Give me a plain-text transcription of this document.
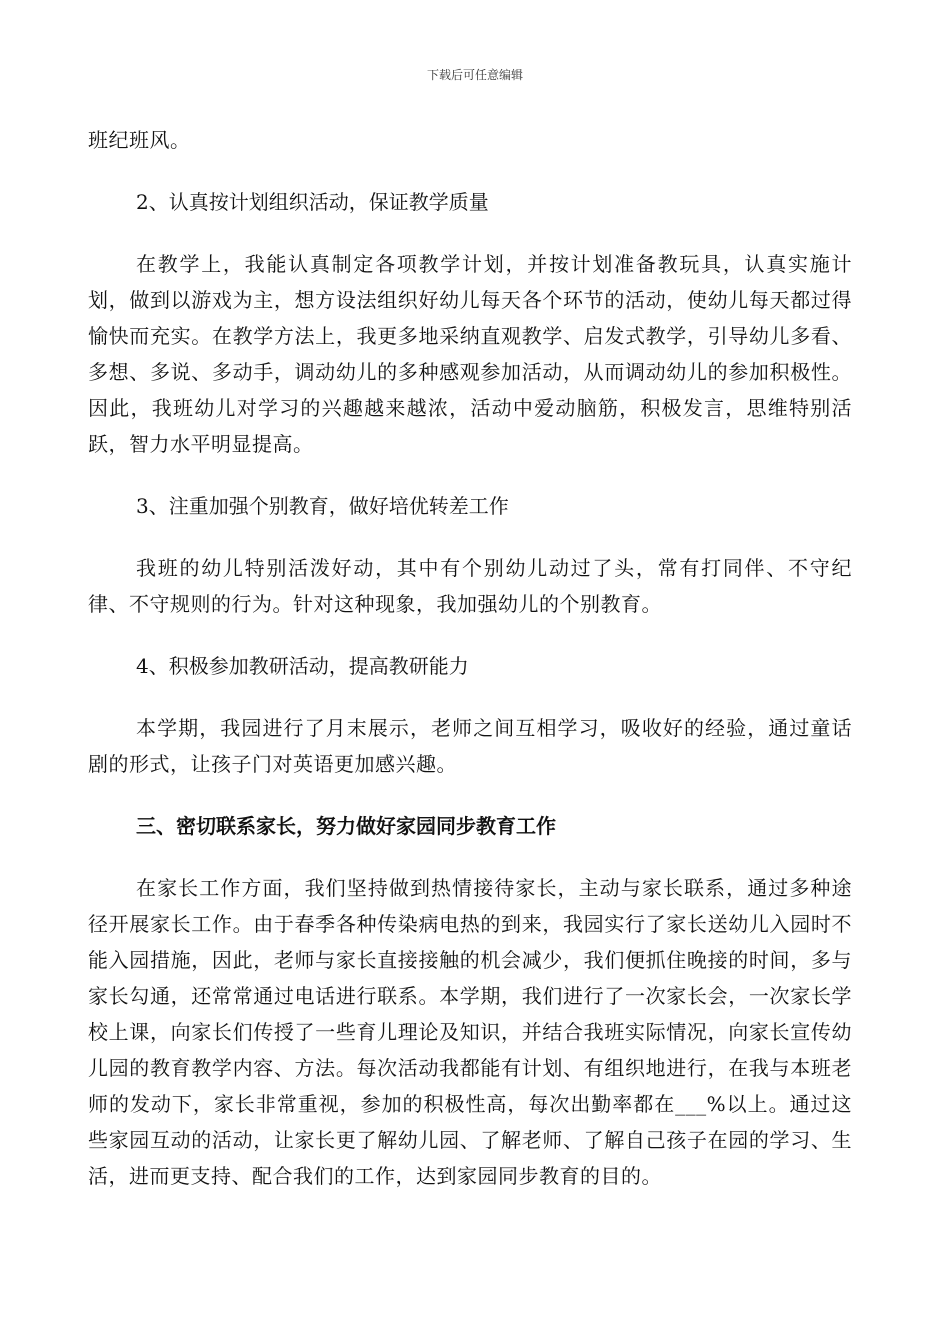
下载后可任意编辑

班纪班风。

2、认真按计划组织活动，保证教学质量

在教学上，我能认真制定各项教学计划，并按计划准备教玩具，认真实施计划，做到以游戏为主，想方设法组织好幼儿每天各个环节的活动，使幼儿每天都过得愉快而充实。在教学方法上，我更多地采纳直观教学、启发式教学，引导幼儿多看、多想、多说、多动手，调动幼儿的多种感观参加活动，从而调动幼儿的参加积极性。因此，我班幼儿对学习的兴趣越来越浓，活动中爱动脑筋，积极发言，思维特别活跃，智力水平明显提高。

3、注重加强个别教育，做好培优转差工作

我班的幼儿特别活泼好动，其中有个别幼儿动过了头，常有打同伴、不守纪律、不守规则的行为。针对这种现象，我加强幼儿的个别教育。

4、积极参加教研活动，提高教研能力

本学期，我园进行了月末展示，老师之间互相学习，吸收好的经验，通过童话剧的形式，让孩子门对英语更加感兴趣。

三、密切联系家长，努力做好家园同步教育工作

在家长工作方面，我们坚持做到热情接待家长，主动与家长联系，通过多种途径开展家长工作。由于春季各种传染病电热的到来，我园实行了家长送幼儿入园时不能入园措施，因此，老师与家长直接接触的机会减少，我们便抓住晚接的时间，多与家长勾通，还常常通过电话进行联系。本学期，我们进行了一次家长会，一次家长学校上课，向家长们传授了一些育儿理论及知识，并结合我班实际情况，向家长宣传幼儿园的教育教学内容、方法。每次活动我都能有计划、有组织地进行，在我与本班老师的发动下，家长非常重视，参加的积极性高，每次出勤率都在___%以上。通过这些家园互动的活动，让家长更了解幼儿园、了解老师、了解自己孩子在园的学习、生活，进而更支持、配合我们的工作，达到家园同步教育的目的。
